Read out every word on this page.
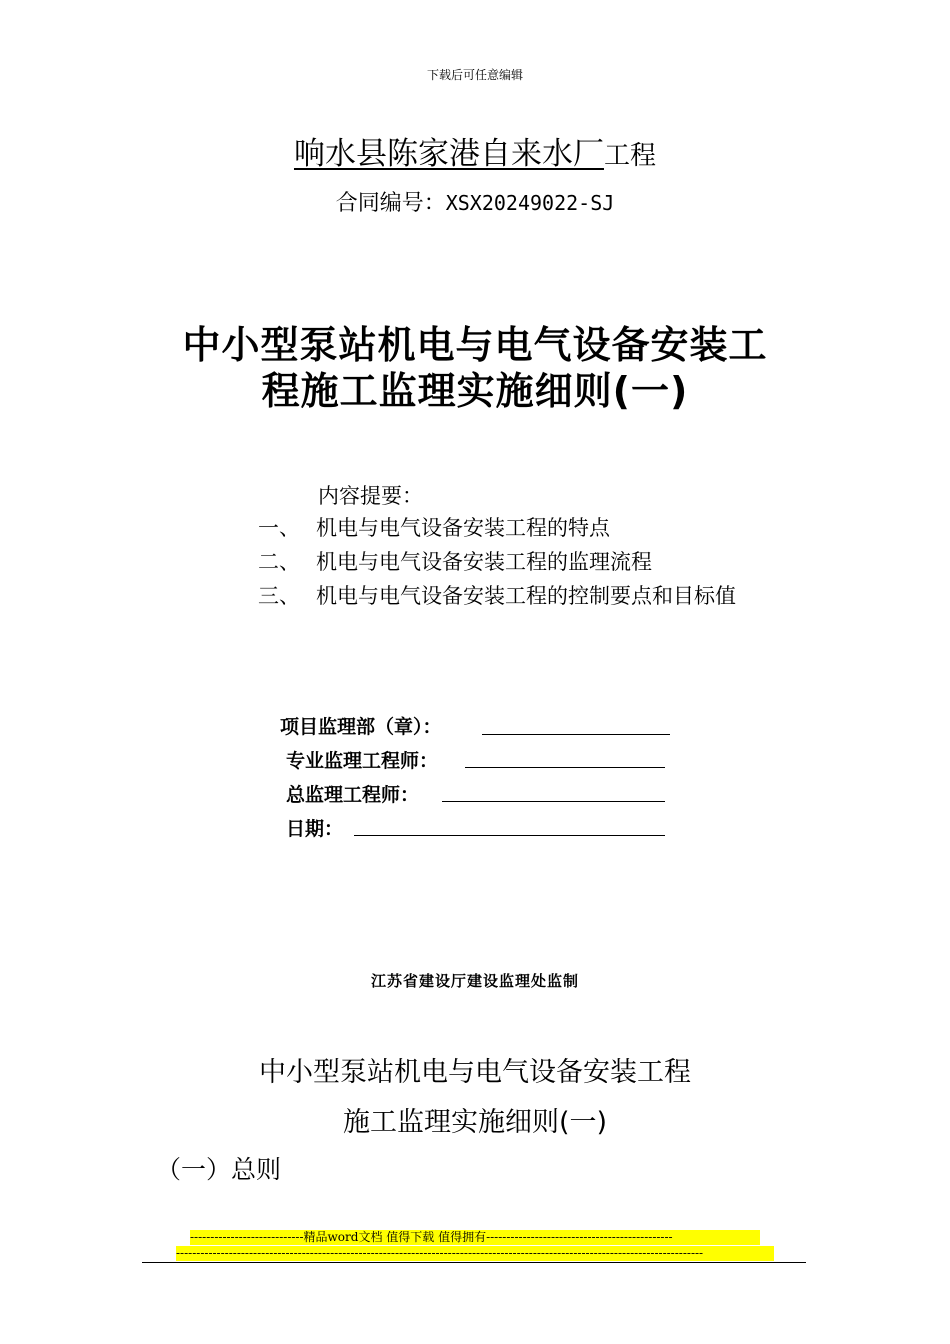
下载后可任意编辑
响水县陈家港自来水厂工程
合同编号：XSX20249022-SJ
中小型泵站机电与电气设备安装工
程施工监理实施细则(一)
内容提要：
一、 机电与电气设备安装工程的特点
二、 机电与电气设备安装工程的监理流程
三、 机电与电气设备安装工程的控制要点和目标值
项目监理部（章）：
专业监理工程师：
总监理工程师：
日期：
江苏省建设厅建设监理处监制
中小型泵站机电与电气设备安装工程
施工监理实施细则(一)
（一）总则
----------------------------精品word文档 值得下载 值得拥有----------------------------------------------
----------------------------------------------------------------------------------------------------------------------------------
